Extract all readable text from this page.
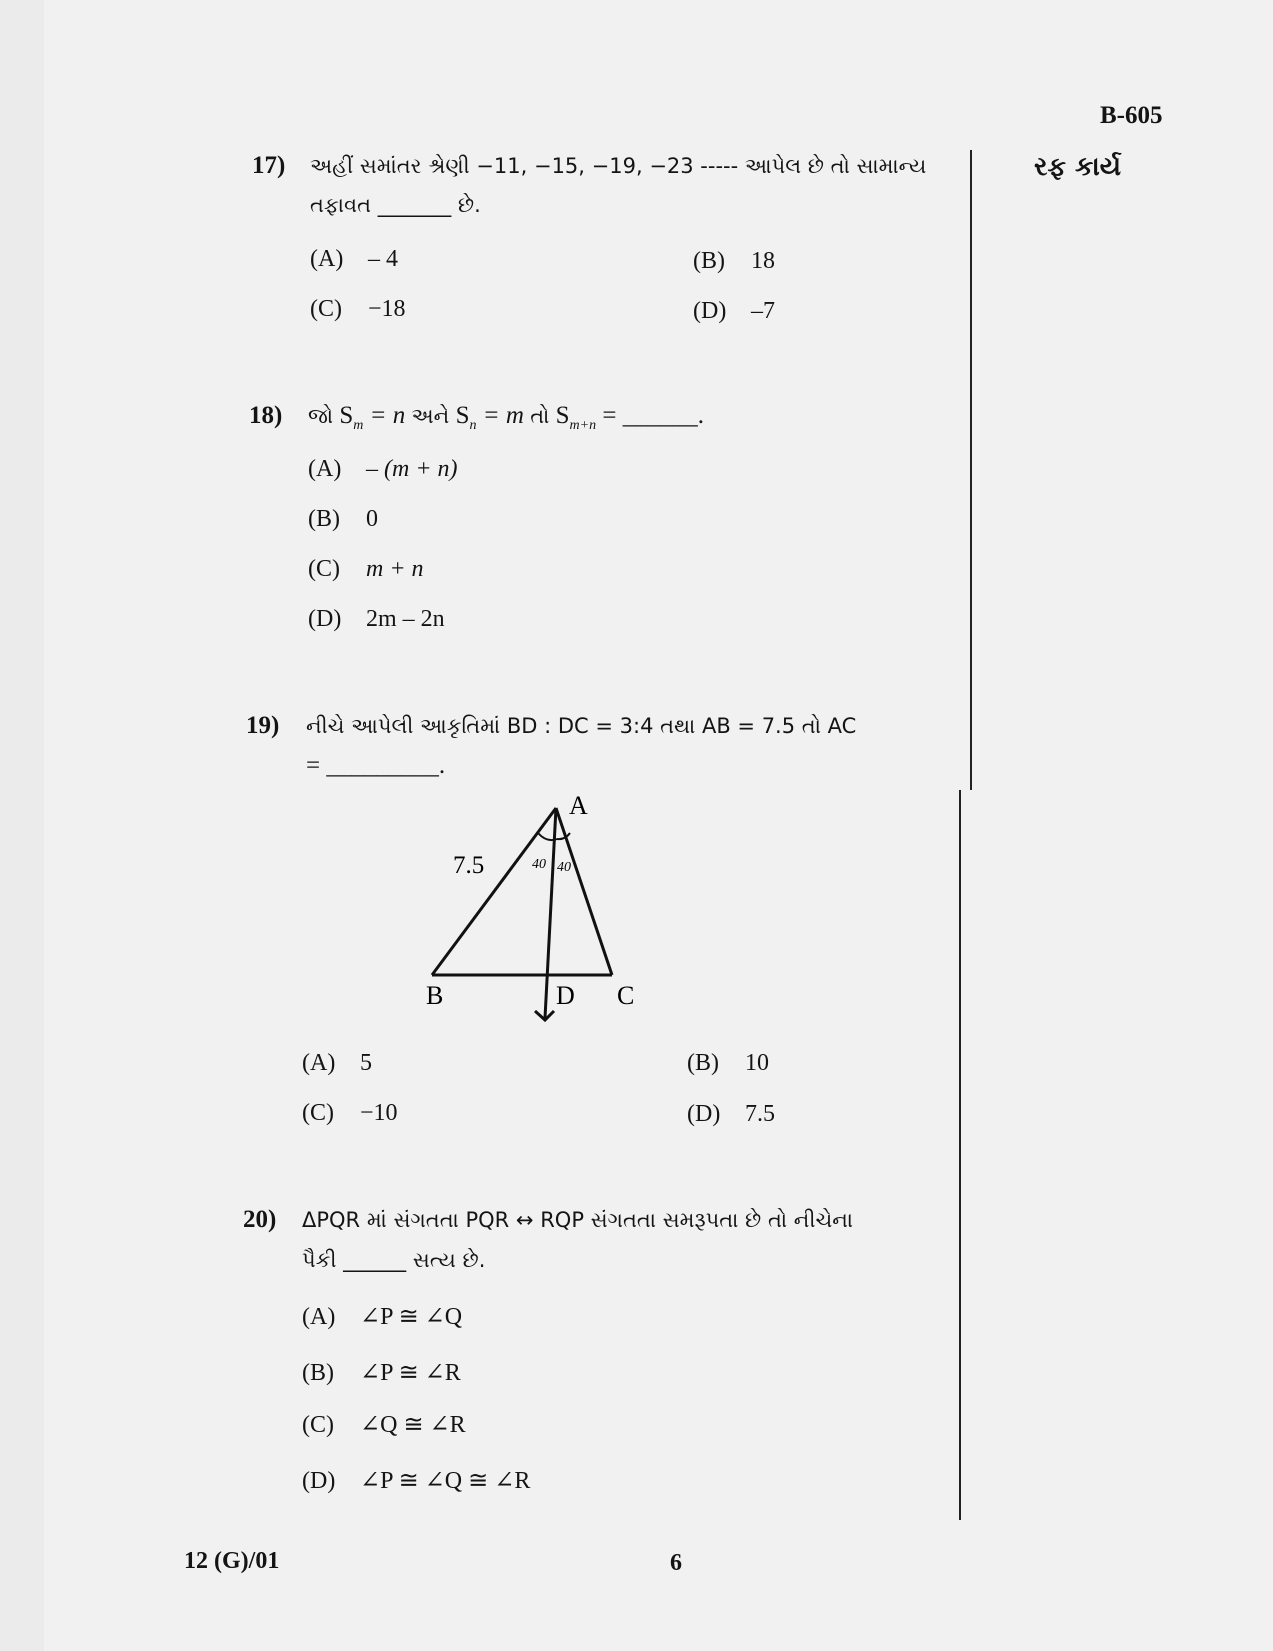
B-605
રફ કાર્ય
17) અહીં સમાંતર શ્રેણી −11, −15, −19, −23 ----- આપેલ છે તો સામાન્ય
તફાવત _______ છે.
(A) – 4	(B) 18
(C) −18	(D) –7
18) જો $S_m = n$ અને $S_n = m$ તો $S_{m+n}$ = ______.
(A) – (m + n)
(B) 0
(C) m + n
(D) 2m – 2n
19) નીચે આપેલી આકૃતિમાં BD : DC = 3:4 તથા AB = 7.5 તો AC
= _________.
A
B	C
D
7.5	40 40
(A) 5	(B) 10
(C) −10	(D) 7.5
20) ΔPQR માં સંગતતા PQR ↔ RQP સંગતતા સમરૂપતા છે તો નીચેના
પૈકી ______ સત્ય છે.
(A) ∠P ≅ ∠Q
(B) ∠P ≅ ∠R
(C) ∠Q ≅ ∠R
(D) ∠P ≅ ∠Q ≅ ∠R
12 (G)/01	6
